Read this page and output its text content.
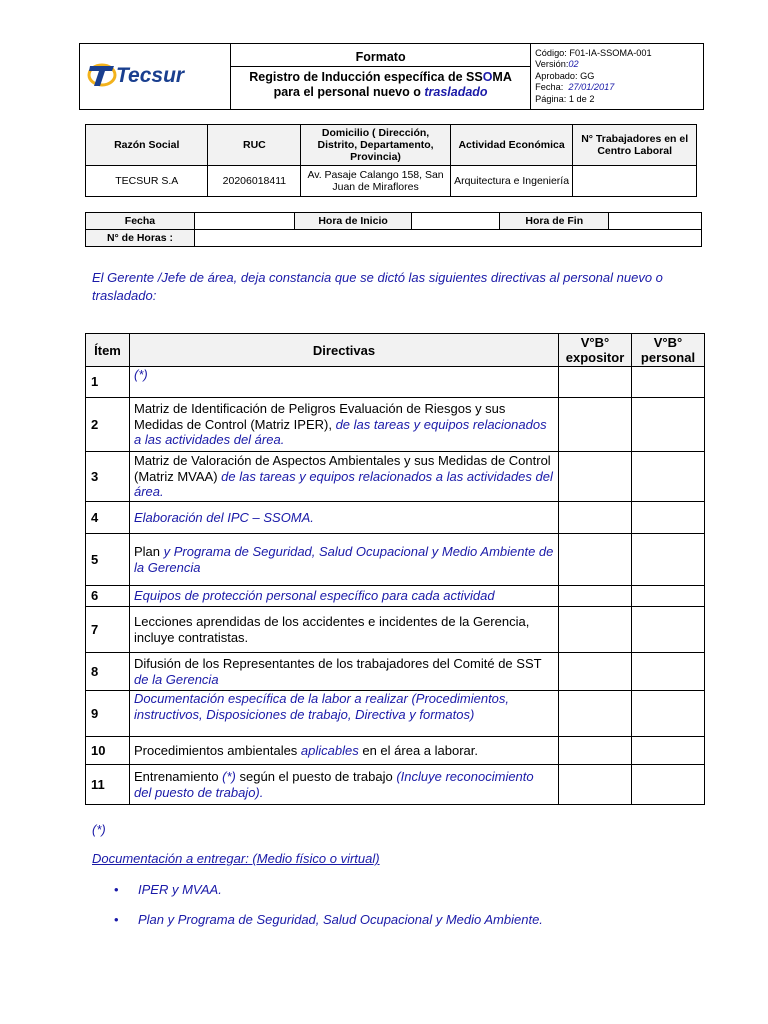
Tecsur

Formato
Registro de Inducción específica de SSOMA
para el personal nuevo o trasladado

Código: F01-IA-SSOMA-001
Versión:02
Aprobado: GG
Fecha: 27/01/2017
Página: 1 de 2
Razón Social	RUC	Domicilio ( Dirección, Distrito, Departamento, Provincia)	Actividad Económica	N° Trabajadores en el Centro Laboral
TECSUR S.A	20206018411	Av. Pasaje Calango 158, San Juan de Miraflores	Arquitectura e Ingeniería	
Fecha		Hora de Inicio		Hora de Fin	
N° de Horas :					
El Gerente /Jefe de área, deja constancia que se dictó las siguientes directivas al personal nuevo o trasladado:
Ítem	Directivas	V°B° expositor	V°B° personal
1	(*)		
2	Matriz de Identificación de Peligros Evaluación de Riesgos y sus Medidas de Control (Matriz IPER), de las tareas y equipos relacionados a las actividades del área.		
3	Matriz de Valoración de Aspectos Ambientales y sus Medidas de Control (Matriz MVAA) de las tareas y equipos relacionados a las actividades del área.		
4	Elaboración del IPC – SSOMA.		
5	Plan y Programa de Seguridad, Salud Ocupacional y Medio Ambiente de la Gerencia		
6	Equipos de protección personal específico para cada actividad		
7	Lecciones aprendidas de los accidentes e incidentes de la Gerencia, incluye contratistas.		
8	Difusión de los Representantes de los trabajadores del Comité de SST de la Gerencia		
9	Documentación específica de la labor a realizar (Procedimientos, instructivos, Disposiciones de trabajo, Directiva y formatos)		
10	Procedimientos ambientales aplicables en el área a laborar.		
11	Entrenamiento (*) según el puesto de trabajo (Incluye reconocimiento del puesto de trabajo).		
(*)
Documentación a entregar: (Medio físico o virtual)
• IPER y MVAA.
• Plan y Programa de Seguridad, Salud Ocupacional y Medio Ambiente.
